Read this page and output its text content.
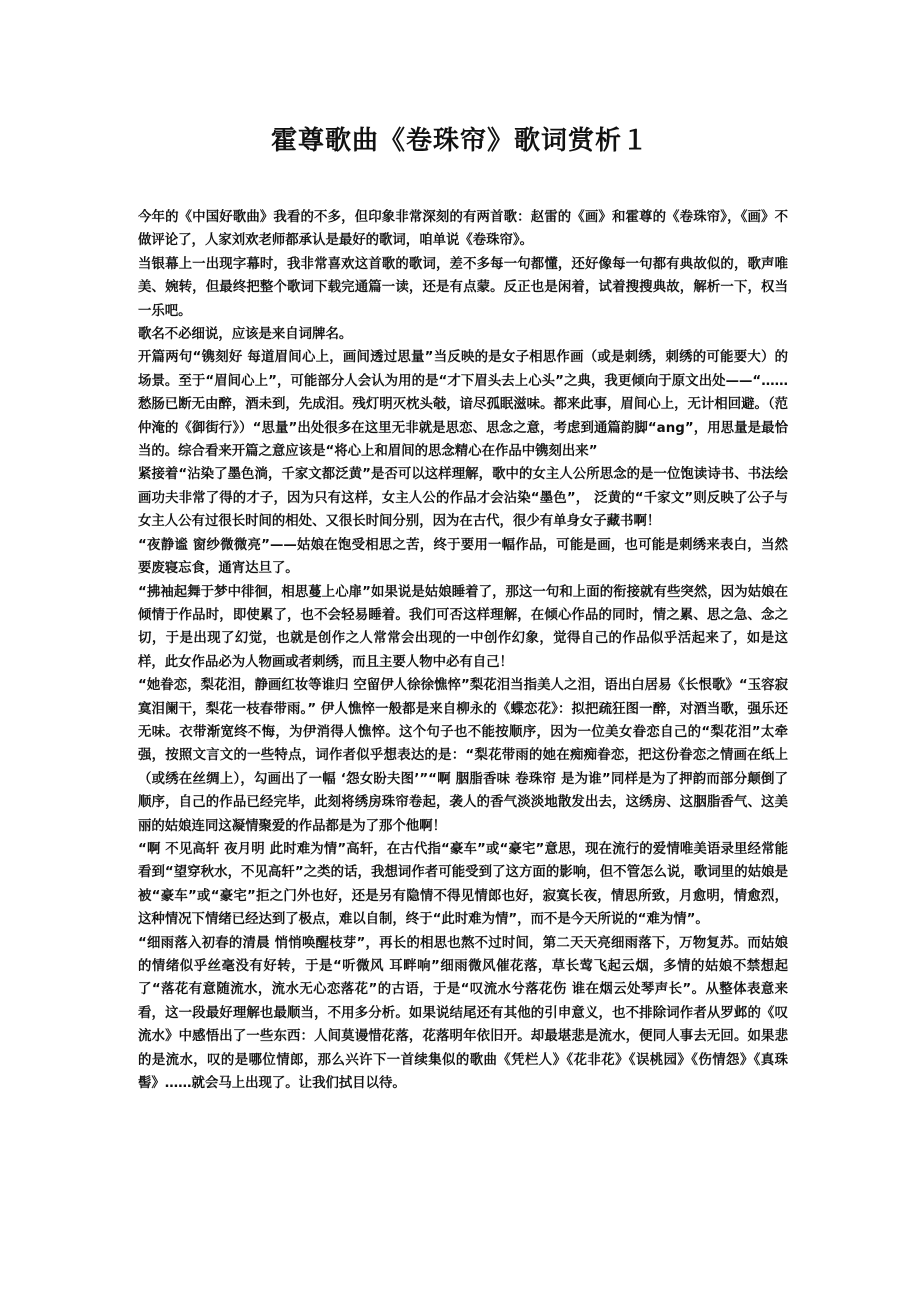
霍尊歌曲《卷珠帘》歌词赏析１

今年的《中国好歌曲》我看的不多，但印象非常深刻的有两首歌：赵雷的《画》和霍尊的《卷珠帘》，《画》不做评论了，人家刘欢老师都承认是最好的歌词，咱单说《卷珠帘》。

当银幕上一出现字幕时，我非常喜欢这首歌的歌词，差不多每一句都懂，还好像每一句都有典故似的，歌声唯美、婉转，但最终把整个歌词下载完通篇一读，还是有点蒙。反正也是闲着，试着搜搜典故，解析一下，权当一乐吧。

歌名不必细说，应该是来自词牌名。

开篇两句“镌刻好 每道眉间心上，画间透过思量”当反映的是女子相思作画（或是刺绣，刺绣的可能要大）的场景。至于“眉间心上”，可能部分人会认为用的是“才下眉头去上心头”之典，我更倾向于原文出处——“……愁肠已断无由醉，酒未到，先成泪。残灯明灭枕头攲，谙尽孤眠滋味。都来此事，眉间心上，无计相回避。（范仲淹的《御街行》）“思量”出处很多在这里无非就是思恋、思念之意，考虑到通篇韵脚“ang”，用思量是最恰当的。综合看来开篇之意应该是“将心上和眉间的思念精心在作品中镌刻出来”

紧接着“沾染了墨色淌，千家文都泛黄”是否可以这样理解，歌中的女主人公所思念的是一位饱读诗书、书法绘画功夫非常了得的才子，因为只有这样，女主人公的作品才会沾染“墨色”， 泛黄的“千家文”则反映了公子与女主人公有过很长时间的相处、又很长时间分别，因为在古代，很少有单身女子藏书啊！

“夜静谧 窗纱微微亮”——姑娘在饱受相思之苦，终于要用一幅作品，可能是画，也可能是刺绣来表白，当然要废寝忘食，通宵达旦了。

“拂袖起舞于梦中徘徊，相思蔓上心扉”如果说是姑娘睡着了，那这一句和上面的衔接就有些突然，因为姑娘在倾情于作品时，即使累了，也不会轻易睡着。我们可否这样理解，在倾心作品的同时，情之累、思之急、念之切，于是出现了幻觉，也就是创作之人常常会出现的一中创作幻象，觉得自己的作品似乎活起来了，如是这样，此女作品必为人物画或者刺绣，而且主要人物中必有自己！

“她眷恋，梨花泪，静画红妆等谁归 空留伊人徐徐憔悴”梨花泪当指美人之泪，语出白居易《长恨歌》“玉容寂寞泪阑干，梨花一枝春带雨。” 伊人憔悴一般都是来自柳永的《蝶恋花》：拟把疏狂图一醉，对酒当歌，强乐还无味。衣带渐宽终不悔，为伊消得人憔悴。这个句子也不能按顺序，因为一位美女眷恋自己的“梨花泪”太牵强，按照文言文的一些特点，词作者似乎想表达的是：“梨花带雨的她在痴痴眷恋，把这份眷恋之情画在纸上（或绣在丝绸上），勾画出了一幅 ‘怨女盼夫图’”“啊 胭脂香味 卷珠帘 是为谁”同样是为了押韵而部分颠倒了顺序，自己的作品已经完毕，此刻将绣房珠帘卷起，袭人的香气淡淡地散发出去，这绣房、这胭脂香气、这美丽的姑娘连同这凝情聚爱的作品都是为了那个他啊！

“啊 不见高轩 夜月明 此时难为情”高轩，在古代指“豪车”或“豪宅”意思，现在流行的爱情唯美语录里经常能看到“望穿秋水，不见高轩”之类的话，我想词作者可能受到了这方面的影响，但不管怎么说，歌词里的姑娘是被“豪车”或“豪宅”拒之门外也好，还是另有隐情不得见情郎也好，寂寞长夜，情思所致，月愈明，情愈烈，这种情况下情绪已经达到了极点，难以自制，终于“此时难为情”，而不是今天所说的“难为情”。

“细雨落入初春的清晨 悄悄唤醒枝芽”，再长的相思也熬不过时间，第二天天亮细雨落下，万物复苏。而姑娘的情绪似乎丝毫没有好转，于是“听微风 耳畔响”细雨微风催花落，草长莺飞起云烟，多情的姑娘不禁想起了“落花有意随流水，流水无心恋落花”的古语，于是“叹流水兮落花伤 谁在烟云处琴声长”。从整体表意来看，这一段最好理解也最顺当，不用多分析。如果说结尾还有其他的引申意义，也不排除词作者从罗邺的《叹流水》中感悟出了一些东西：人间莫谩惜花落，花落明年依旧开。却最堪悲是流水，便同人事去无回。如果悲的是流水，叹的是哪位情郎，那么兴许下一首续集似的歌曲《凭栏人》《花非花》《误桃园》《伤情怨》《真珠髻》……就会马上出现了。让我们拭目以待。
